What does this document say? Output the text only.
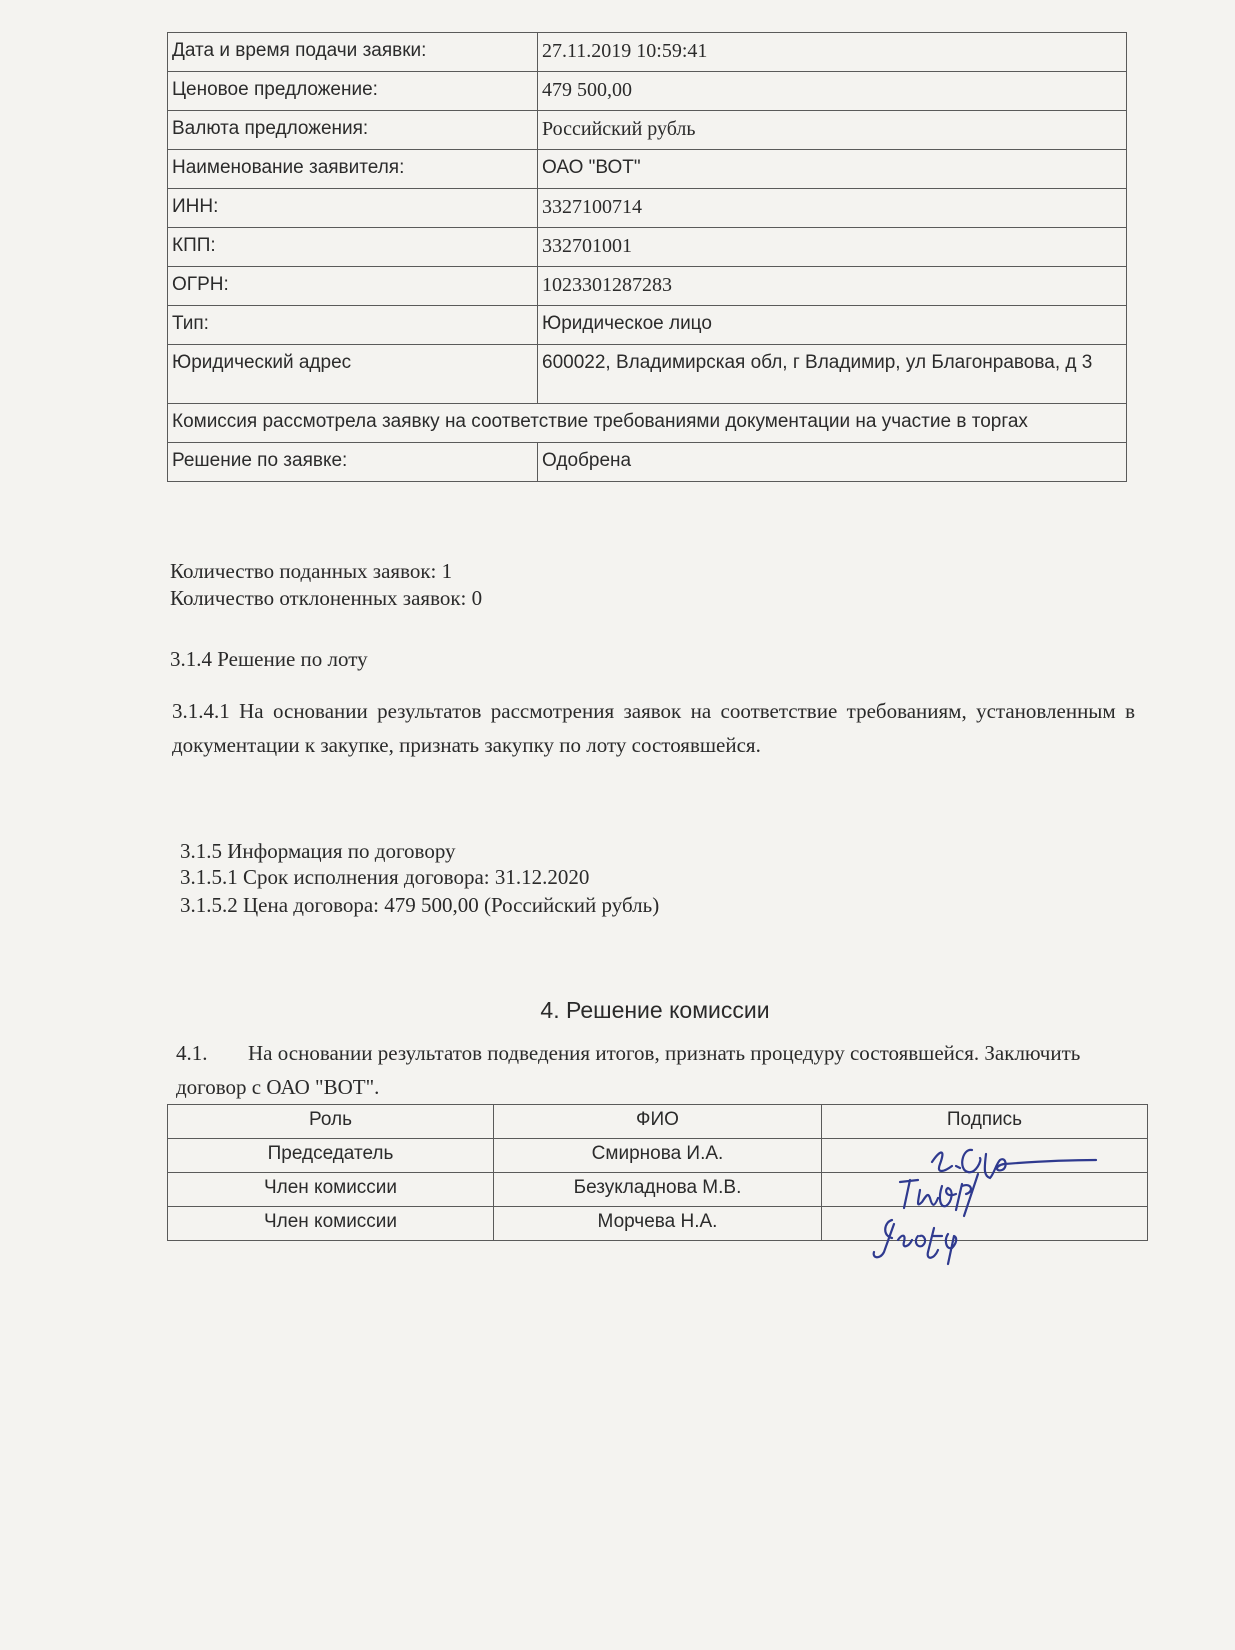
Дата и время подачи заявки:	27.11.2019 10:59:41
Ценовое предложение:	479 500,00
Валюта предложения:	Российский рубль
Наименование заявителя:	ОАО "ВОТ"
ИНН:	3327100714
КПП:	332701001
ОГРН:	1023301287283
Тип:	Юридическое лицо
Юридический адрес	600022, Владимирская обл, г Владимир, ул Благонравова, д 3
Комиссия рассмотрела заявку на соответствие требованиями документации на участие в торгах	
Решение по заявке:	Одобрена
Количество поданных заявок: 1
Количество отклоненных заявок: 0
3.1.4 Решение по лоту
3.1.4.1 На основании результатов рассмотрения заявок на соответствие требованиям, установленным в документации к закупке, признать закупку по лоту состоявшейся.
3.1.5 Информация по договору
3.1.5.1 Срок исполнения договора: 31.12.2020
3.1.5.2 Цена договора: 479 500,00 (Российский рубль)
4. Решение комиссии
4.1. На основании результатов подведения итогов, признать процедуру состоявшейся. Заключить договор с ОАО "ВОТ".
Роль	ФИО	Подпись
Председатель	Смирнова И.А.	
Член комиссии	Безукладнова М.В.	
Член комиссии	Морчева Н.А.	
